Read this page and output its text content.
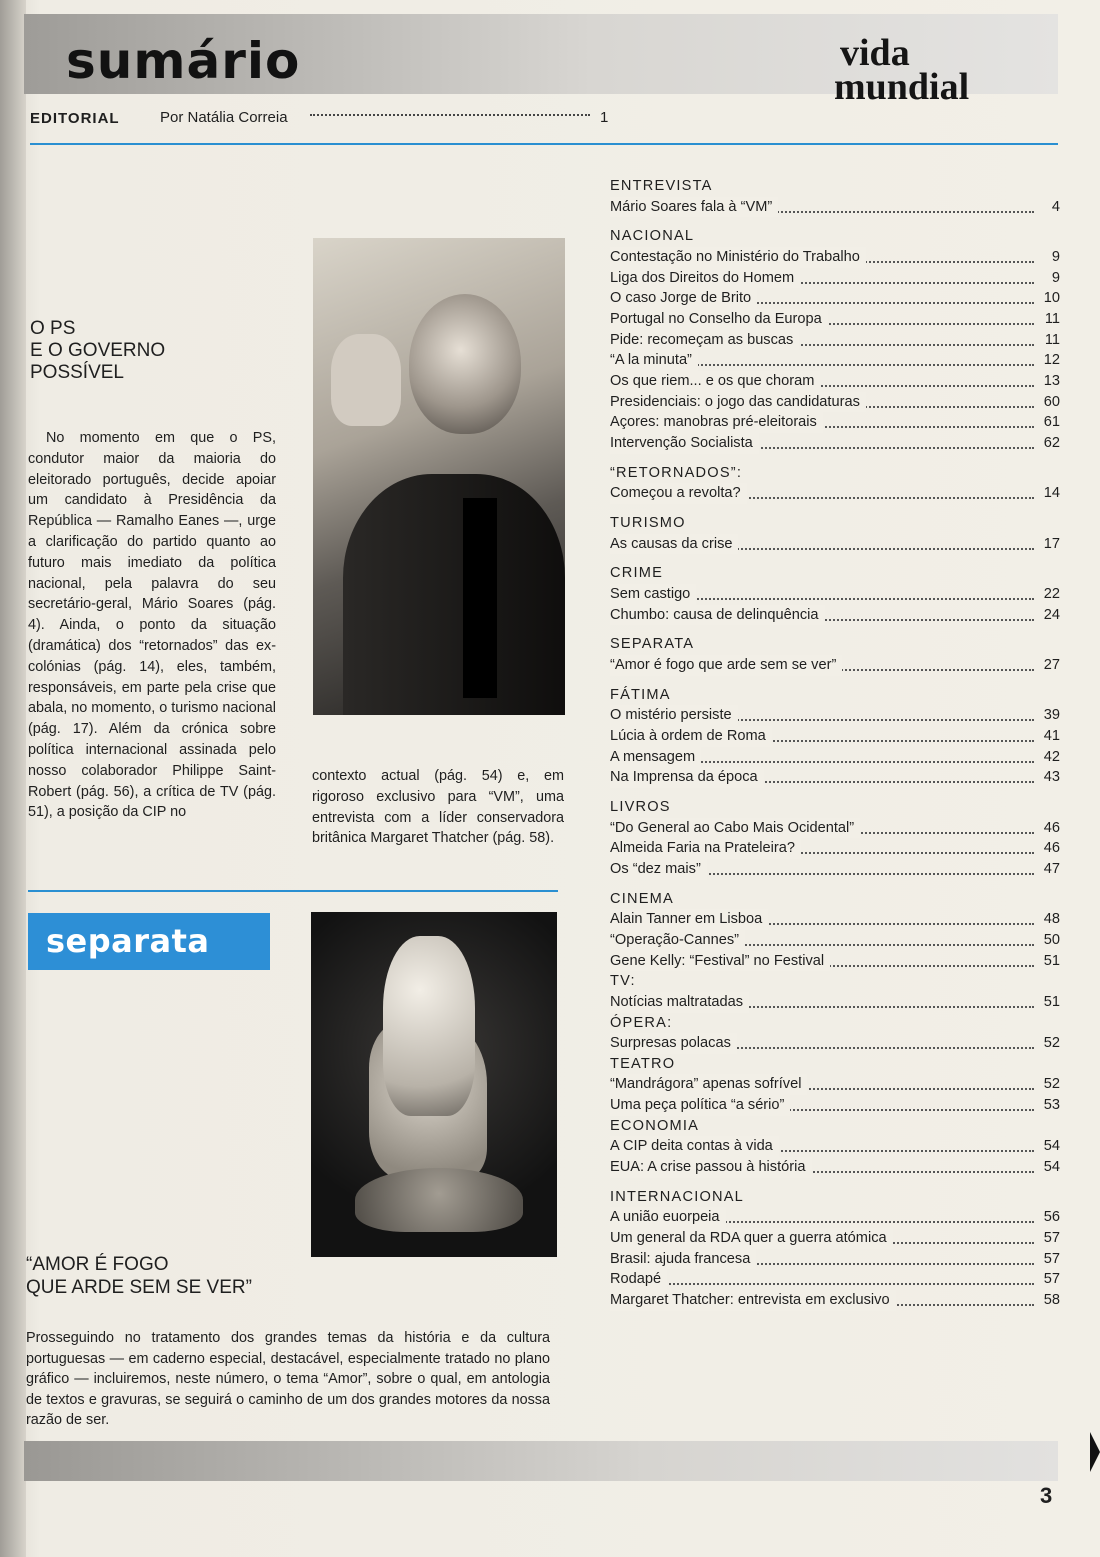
sumário	vida
mundial
EDITORIAL	Por Natália Correia	1
O PS
E O GOVERNO
POSSÍVEL

No momento em que o PS, condutor maior da maioria do eleitorado português, decide apoiar um candidato à Presidência da República — Ramalho Eanes —, urge a clarificação do partido quanto ao futuro mais imediato da política nacional, pela palavra do seu secretário-geral, Mário Soares (pág. 4). Ainda, o ponto da situação (dramática) dos “retornados” das ex-colónias (pág. 14), eles, também, responsáveis, em parte pela crise que abala, no momento, o turismo nacional (pág. 17). Além da crónica sobre política internacional assinada pelo nosso colaborador Philippe Saint-Robert (pág. 56), a crítica de TV (pág. 51), a posição da CIP no

contexto actual (pág. 54) e, em rigoroso exclusivo para “VM”, uma entrevista com a líder conservadora britânica Margaret Thatcher (pág. 58).

separata
“AMOR É FOGO
QUE ARDE SEM SE VER”

Prosseguindo no tratamento dos grandes temas da história e da cultura portuguesas — em caderno especial, destacável, especialmente tratado no plano gráfico — incluiremos, neste número, o tema “Amor”, sobre o qual, em antologia de textos e gravuras, se seguirá o caminho de um dos grandes motores da nossa razão de ser.

ENTREVISTA

Mário Soares fala à “VM”	4

NACIONAL

Contestação no Ministério do Trabalho	9
Liga dos Direitos do Homem	9
O caso Jorge de Brito	10
Portugal no Conselho da Europa	11
Pide: recomeçam as buscas	11
“A la minuta”	12
Os que riem... e os que choram	13
Presidenciais: o jogo das candidaturas	60
Açores: manobras pré-eleitorais	61
Intervenção Socialista	62

“RETORNADOS”:

Começou a revolta?	14

TURISMO

As causas da crise	17

CRIME

Sem castigo	22
Chumbo: causa de delinquência	24

SEPARATA

“Amor é fogo que arde sem se ver”	27

FÁTIMA

O mistério persiste	39
Lúcia à ordem de Roma	41
A mensagem	42
Na Imprensa da época	43

LIVROS

“Do General ao Cabo Mais Ocidental”	46
Almeida Faria na Prateleira?	46
Os “dez mais”	47

CINEMA

Alain Tanner em Lisboa	48
“Operação-Cannes”	50
Gene Kelly: “Festival” no Festival	51

TV:

Notícias maltratadas	51

ÓPERA:

Surpresas polacas	52

TEATRO

“Mandrágora” apenas sofrível	52
Uma peça política “a sério”	53

ECONOMIA

A CIP deita contas à vida	54
EUA: A crise passou à história	54

INTERNACIONAL

A união euorpeia	56
Um general da RDA quer a guerra atómica	57
Brasil: ajuda francesa	57
Rodapé	57
Margaret Thatcher: entrevista em exclusivo	58
3
